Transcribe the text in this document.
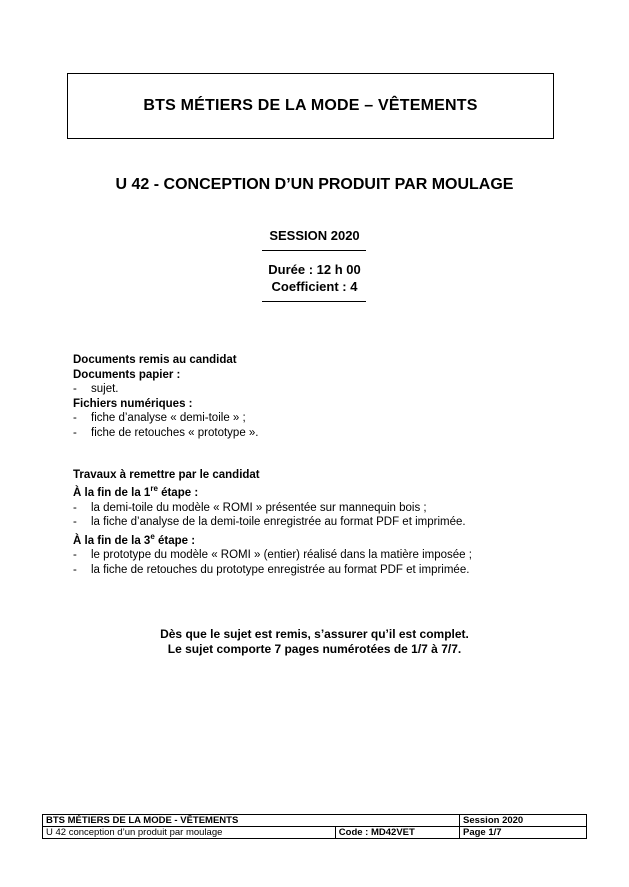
BTS MÉTIERS DE LA MODE – VÊTEMENTS
U 42 - CONCEPTION D’UN PRODUIT PAR MOULAGE
SESSION 2020
Durée : 12 h 00
Coefficient : 4
Documents remis au candidat
Documents papier :
-	sujet.
Fichiers numériques :
-	fiche d’analyse « demi-toile » ;
-	fiche de retouches « prototype ».
Travaux à remettre par le candidat
À la fin de la 1re étape :
-	la demi-toile du modèle « ROMI » présentée sur mannequin bois ;
-	la fiche d’analyse de la demi-toile enregistrée au format PDF et imprimée.
À la fin de la 3e étape :
-	le prototype du modèle « ROMI » (entier) réalisé dans la matière imposée ;
-	la fiche de retouches du prototype enregistrée au format PDF et imprimée.
Dès que le sujet est remis, s’assurer qu’il est complet.
Le sujet comporte 7 pages numérotées de 1/7 à 7/7.
BTS MÉTIERS DE LA MODE - VÊTEMENTS		Session 2020
U 42 conception d’un produit par moulage	Code : MD42VET	Page 1/7
